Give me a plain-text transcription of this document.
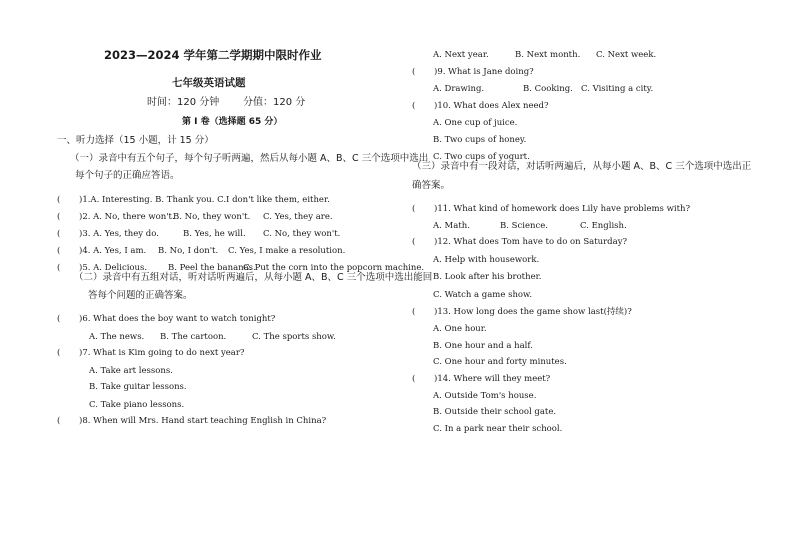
2023—2024 学年第二学期期中限时作业
七年级英语试题
时间：120 分钟 分值：120 分
第 I 卷（选择题 65 分）
一、听力选择（15 小题，计 15 分）
（一）录音中有五个句子，每个句子听两遍，然后从每小题 A、B、C 三个选项中选出
每个句子的正确应答语。
( )1.A. Interesting. B. Thank you. C.I don't like them, either.
( )2. A. No, there won't.
B. No, they won't. C. Yes, they are.
( )3. A. Yes, they do.	B. Yes, he will. C. No, they won't.
( )4. A. Yes, I am. B. No, I don't. C. Yes, I make a resolution.
( )5. A. Delicious. B. Peel the bananas.
C. Put the corn into the popcorn machine.
（二）录音中有五组对话，听对话听两遍后，从每小题 A、B、C 三个选项中选出能回
答每个问题的正确答案。
( )6. What does the boy want to watch tonight?
A. The news. B. The cartoon.	C. The sports show.
( )7. What is Kim going to do next year?
A. Take art lessons.
B. Take guitar lessons.
C. Take piano lessons.
( )8. When will Mrs. Hand start teaching English in China?
A. Next year.	B. Next month. C. Next week.
( )9. What is Jane doing?
A. Drawing.	B. Cooking. C. Visiting a city.
( )10. What does Alex need?
A. One cup of juice.
B. Two cups of honey.
C. Two cups of yogurt.
（三）录音中有一段对话，对话听两遍后，从每小题 A、B、C 三个选项中选出正
确答案。
( )11. What kind of homework does Lily have problems with?
A. Math.	B. Science.	C. English.
( )12. What does Tom have to do on Saturday?
A. Help with housework.
B. Look after his brother.
C. Watch a game show.
( )13. How long does the game show last(持续)?
A. One hour.
B. One hour and a half.
C. One hour and forty minutes.
( )14. Where will they meet?
A. Outside Tom's house.
B. Outside their school gate.
C. In a park near their school.
